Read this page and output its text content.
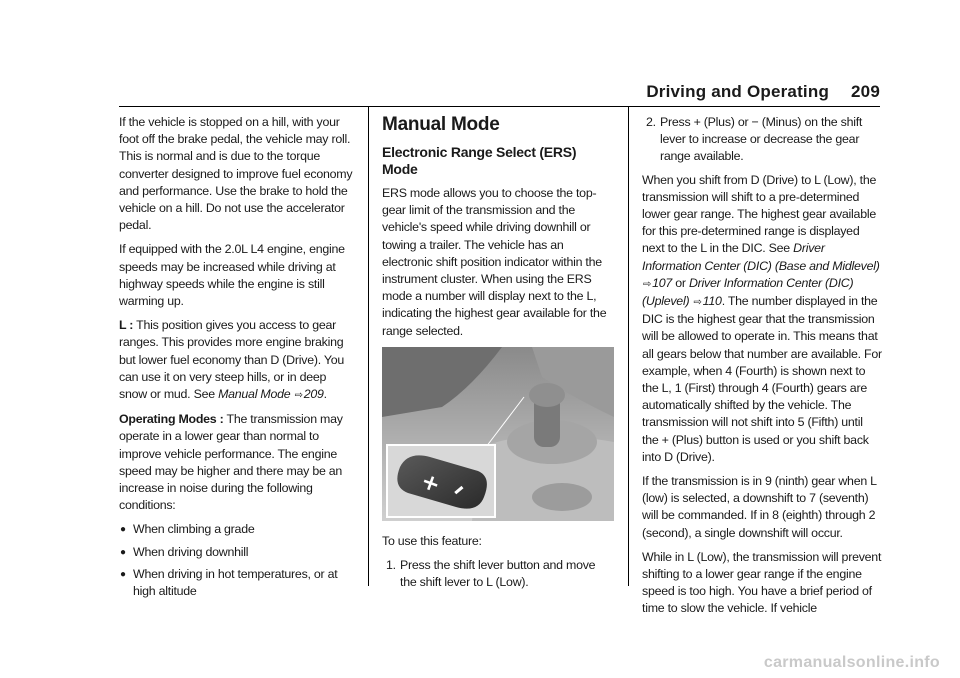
Driving and Operating 209

If the vehicle is stopped on a hill, with your foot off the brake pedal, the vehicle may roll. This is normal and is due to the torque converter designed to improve fuel economy and performance. Use the brake to hold the vehicle on a hill. Do not use the accelerator pedal.

If equipped with the 2.0L L4 engine, engine speeds may be increased while driving at highway speeds while the engine is still warming up.

L : This position gives you access to gear ranges. This provides more engine braking but lower fuel economy than D (Drive). You can use it on very steep hills, or in deep snow or mud. See Manual Mode ⇨209.

Operating Modes : The transmission may operate in a lower gear than normal to improve vehicle performance. The engine speed may be higher and there may be an increase in noise during the following conditions:

● When climbing a grade
● When driving downhill
● When driving in hot temperatures, or at high altitude
Manual Mode
Electronic Range Select (ERS) Mode

ERS mode allows you to choose the top-gear limit of the transmission and the vehicle's speed while driving downhill or towing a trailer. The vehicle has an electronic shift position indicator within the instrument cluster. When using the ERS mode a number will display next to the L, indicating the highest gear available for the range selected.

+ –

To use this feature:

1. Press the shift lever button and move the shift lever to L (Low).
2. Press + (Plus) or − (Minus) on the shift lever to increase or decrease the gear range available.

When you shift from D (Drive) to L (Low), the transmission will shift to a pre-determined lower gear range. The highest gear available for this pre-determined range is displayed next to the L in the DIC. See Driver Information Center (DIC) (Base and Midlevel) ⇨107 or Driver Information Center (DIC) (Uplevel) ⇨110. The number displayed in the DIC is the highest gear that the transmission will be allowed to operate in. This means that all gears below that number are available. For example, when 4 (Fourth) is shown next to the L, 1 (First) through 4 (Fourth) gears are automatically shifted by the vehicle. The transmission will not shift into 5 (Fifth) until the + (Plus) button is used or you shift back into D (Drive).

If the transmission is in 9 (ninth) gear when L (low) is selected, a downshift to 7 (seventh) will be commanded. If in 8 (eighth) through 2 (second), a single downshift will occur.

While in L (Low), the transmission will prevent shifting to a lower gear range if the engine speed is too high. You have a brief period of time to slow the vehicle. If vehicle

carmanualsonline.info
